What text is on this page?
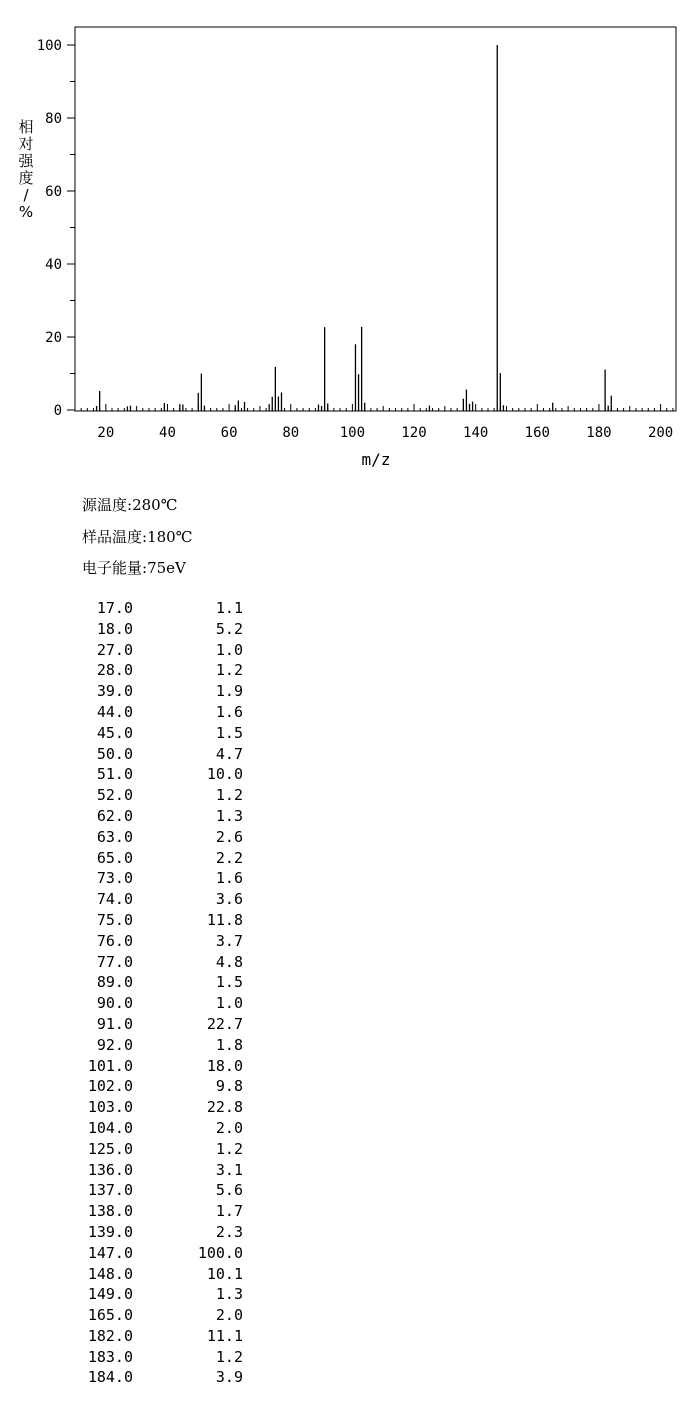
20	40	60	80	100	120	140	160	180	200
0
20
40
60
80
100
m/z
相对强度/ %
源温度:280℃
样品温度:180℃
电子能量:75eV
17.0	1.1
18.0	5.2
27.0	1.0
28.0	1.2
39.0	1.9
44.0	1.6
45.0	1.5
50.0	4.7
51.0	10.0
52.0	1.2
62.0	1.3
63.0	2.6
65.0	2.2
73.0	1.6
74.0	3.6
75.0	11.8
76.0	3.7
77.0	4.8
89.0	1.5
90.0	1.0
91.0	22.7
92.0	1.8
101.0	18.0
102.0	9.8
103.0	22.8
104.0	2.0
125.0	1.2
136.0	3.1
137.0	5.6
138.0	1.7
139.0	2.3
147.0	100.0
148.0	10.1
149.0	1.3
165.0	2.0
182.0	11.1
183.0	1.2
184.0	3.9
